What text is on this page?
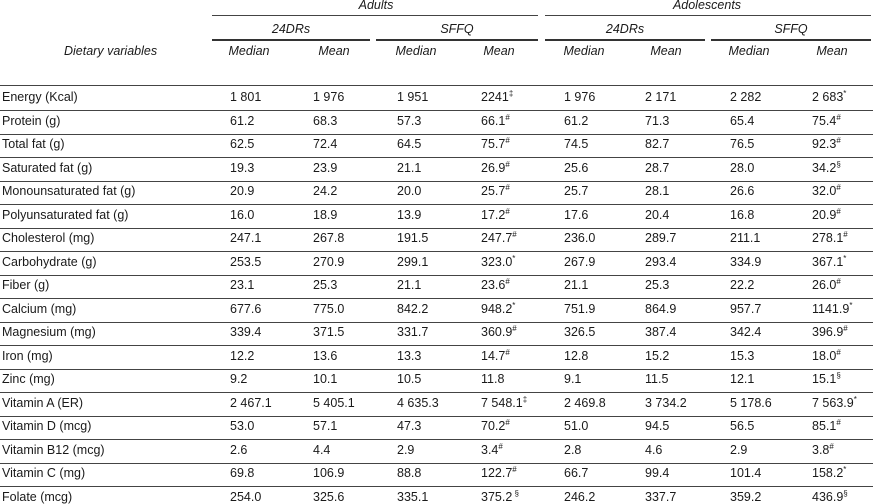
Adults	Adolescents
24DRs	SFFQ	24DRs	SFFQ
Dietary variables	Median	Mean	Median	Mean	Median	Mean	Median	Mean
Energy (Kcal)	1 801	1 976	1 951	2241‡	1 976	2 171	2 282	2 683*
Protein (g)	61.2	68.3	57.3	66.1#	61.2	71.3	65.4	75.4#
Total fat (g)	62.5	72.4	64.5	75.7#	74.5	82.7	76.5	92.3#
Saturated fat (g)	19.3	23.9	21.1	26.9#	25.6	28.7	28.0	34.2§
Monounsaturated fat (g)	20.9	24.2	20.0	25.7#	25.7	28.1	26.6	32.0#
Polyunsaturated fat (g)	16.0	18.9	13.9	17.2#	17.6	20.4	16.8	20.9#
Cholesterol (mg)	247.1	267.8	191.5	247.7#	236.0	289.7	211.1	278.1#
Carbohydrate (g)	253.5	270.9	299.1	323.0*	267.9	293.4	334.9	367.1*
Fiber (g)	23.1	25.3	21.1	23.6#	21.1	25.3	22.2	26.0#
Calcium (mg)	677.6	775.0	842.2	948.2*	751.9	864.9	957.7	1141.9*
Magnesium (mg)	339.4	371.5	331.7	360.9#	326.5	387.4	342.4	396.9#
Iron (mg)	12.2	13.6	13.3	14.7#	12.8	15.2	15.3	18.0#
Zinc (mg)	9.2	10.1	10.5	11.8	9.1	11.5	12.1	15.1§
Vitamin A (ER)	2 467.1	5 405.1	4 635.3	7 548.1‡	2 469.8	3 734.2	5 178.6	7 563.9*
Vitamin D (mcg)	53.0	57.1	47.3	70.2#	51.0	94.5	56.5	85.1#
Vitamin B12 (mcg)	2.6	4.4	2.9	3.4#	2.8	4.6	2.9	3.8#
Vitamin C (mg)	69.8	106.9	88.8	122.7#	66.7	99.4	101.4	158.2*
Folate (mcg)	254.0	325.6	335.1	375.2 §	246.2	337.7	359.2	436.9§
